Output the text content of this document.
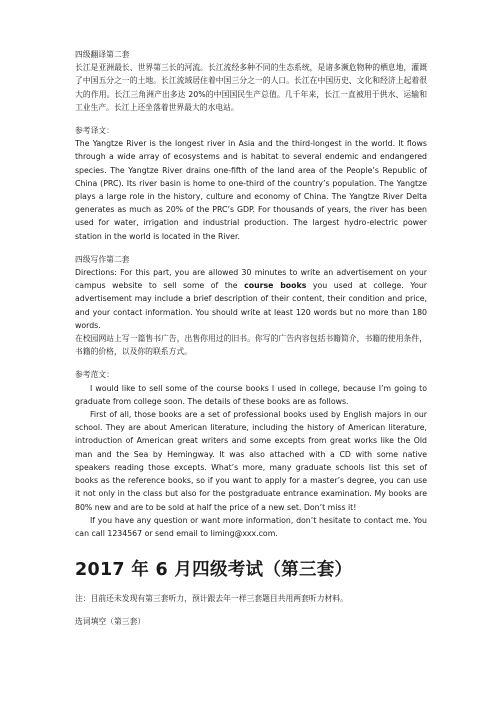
四级翻译第二套

长江是亚洲最长、世界第三长的河流。长江流经多种不同的生态系统，是诸多濒危物种的栖息地，灌溉了中国五分之一的土地。长江流域居住着中国三分之一的人口。长江在中国历史、文化和经济上起着很大的作用。长江三角洲产出多达 20%的中国国民生产总值。几千年来，长江一直被用于供水、运输和工业生产。长江上还坐落着世界最大的水电站。

参考译文：

The Yangtze River is the longest river in Asia and the third-longest in the world. It flows through a wide array of ecosystems and is habitat to several endemic and endangered species. The Yangtze River drains one-fifth of the land area of the People’s Republic of China (PRC). Its river basin is home to one-third of the country’s population. The Yangtze plays a large role in the history, culture and economy of China. The Yangtze River Delta generates as much as 20% of the PRC’s GDP. For thousands of years, the river has been used for water, irrigation and industrial production. The largest hydro-electric power station in the world is located in the River.

四级写作第二套

Directions: For this part, you are allowed 30 minutes to write an advertisement on your campus website to sell some of the course books you used at college. Your advertisement may include a brief description of their content, their condition and price, and your contact information. You should write at least 120 words but no more than 180 words.

在校园网站上写一篇售书广告，出售你用过的旧书。你写的广告内容包括书籍简介，书籍的使用条件，书籍的价格，以及你的联系方式。

参考范文：

I would like to sell some of the course books I used in college, because I’m going to graduate from college soon. The details of these books are as follows.

First of all, those books are a set of professional books used by English majors in our school. They are about American literature, including the history of American literature, introduction of American great writers and some excepts from great works like the Old man and the Sea by Hemingway. It was also attached with a CD with some native speakers reading those excepts. What’s more, many graduate schools list this set of books as the reference books, so if you want to apply for a master’s degree, you can use it not only in the class but also for the postgraduate entrance examination. My books are 80% new and are to be sold at half the price of a new set. Don’t miss it!

If you have any question or want more information, don’t hesitate to contact me. You can call 1234567 or send email to liming@xxx.com.

2017 年 6 月四级考试（第三套）

注：目前还未发现有第三套听力，预计跟去年一样三套题目共用两套听力材料。

选词填空（第三套）
